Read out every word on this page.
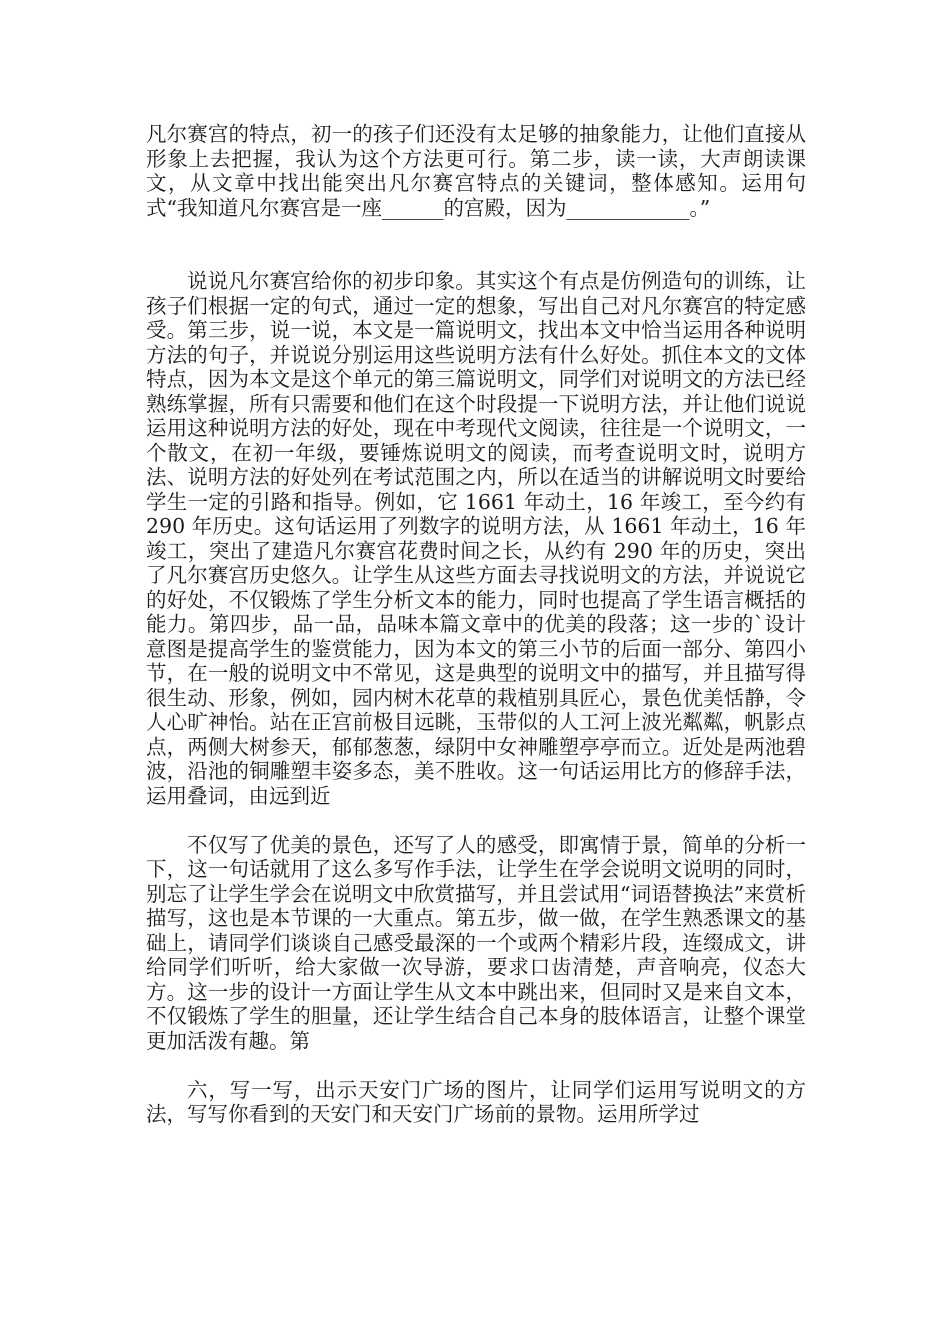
凡尔赛宫的特点，初一的孩子们还没有太足够的抽象能力，让他们直接从形象上去把握，我认为这个方法更可行。第二步，读一读，大声朗读课文，从文章中找出能突出凡尔赛宫特点的关键词，整体感知。运用句式“我知道凡尔赛宫是一座______的宫殿，因为____________。”

说说凡尔赛宫给你的初步印象。其实这个有点是仿例造句的训练，让孩子们根据一定的句式，通过一定的想象，写出自己对凡尔赛宫的特定感受。第三步，说一说，本文是一篇说明文，找出本文中恰当运用各种说明方法的句子，并说说分别运用这些说明方法有什么好处。抓住本文的文体特点，因为本文是这个单元的第三篇说明文，同学们对说明文的方法已经熟练掌握，所有只需要和他们在这个时段提一下说明方法，并让他们说说运用这种说明方法的好处，现在中考现代文阅读，往往是一个说明文，一个散文，在初一年级，要锤炼说明文的阅读，而考查说明文时，说明方法、说明方法的好处列在考试范围之内，所以在适当的讲解说明文时要给学生一定的引路和指导。例如，它 1661 年动土，16 年竣工，至今约有 290 年历史。这句话运用了列数字的说明方法，从 1661 年动土，16 年竣工，突出了建造凡尔赛宫花费时间之长，从约有 290 年的历史，突出了凡尔赛宫历史悠久。让学生从这些方面去寻找说明文的方法，并说说它的好处，不仅锻炼了学生分析文本的能力，同时也提高了学生语言概括的能力。第四步，品一品，品味本篇文章中的优美的段落；这一步的`设计意图是提高学生的鉴赏能力，因为本文的第三小节的后面一部分、第四小节，在一般的说明文中不常见，这是典型的说明文中的描写，并且描写得很生动、形象，例如，园内树木花草的栽植别具匠心，景色优美恬静，令人心旷神怡。站在正宫前极目远眺，玉带似的人工河上波光粼粼，帆影点点，两侧大树参天，郁郁葱葱，绿阴中女神雕塑亭亭而立。近处是两池碧波，沿池的铜雕塑丰姿多态，美不胜收。这一句话运用比方的修辞手法，运用叠词，由远到近

不仅写了优美的景色，还写了人的感受，即寓情于景，简单的分析一下，这一句话就用了这么多写作手法，让学生在学会说明文说明的同时，别忘了让学生学会在说明文中欣赏描写，并且尝试用“词语替换法”来赏析描写，这也是本节课的一大重点。第五步，做一做，在学生熟悉课文的基础上，请同学们谈谈自己感受最深的一个或两个精彩片段，连缀成文，讲给同学们听听，给大家做一次导游，要求口齿清楚，声音响亮，仪态大方。这一步的设计一方面让学生从文本中跳出来，但同时又是来自文本，不仅锻炼了学生的胆量，还让学生结合自己本身的肢体语言，让整个课堂更加活泼有趣。第

六，写一写，出示天安门广场的图片，让同学们运用写说明文的方法，写写你看到的天安门和天安门广场前的景物。运用所学过
